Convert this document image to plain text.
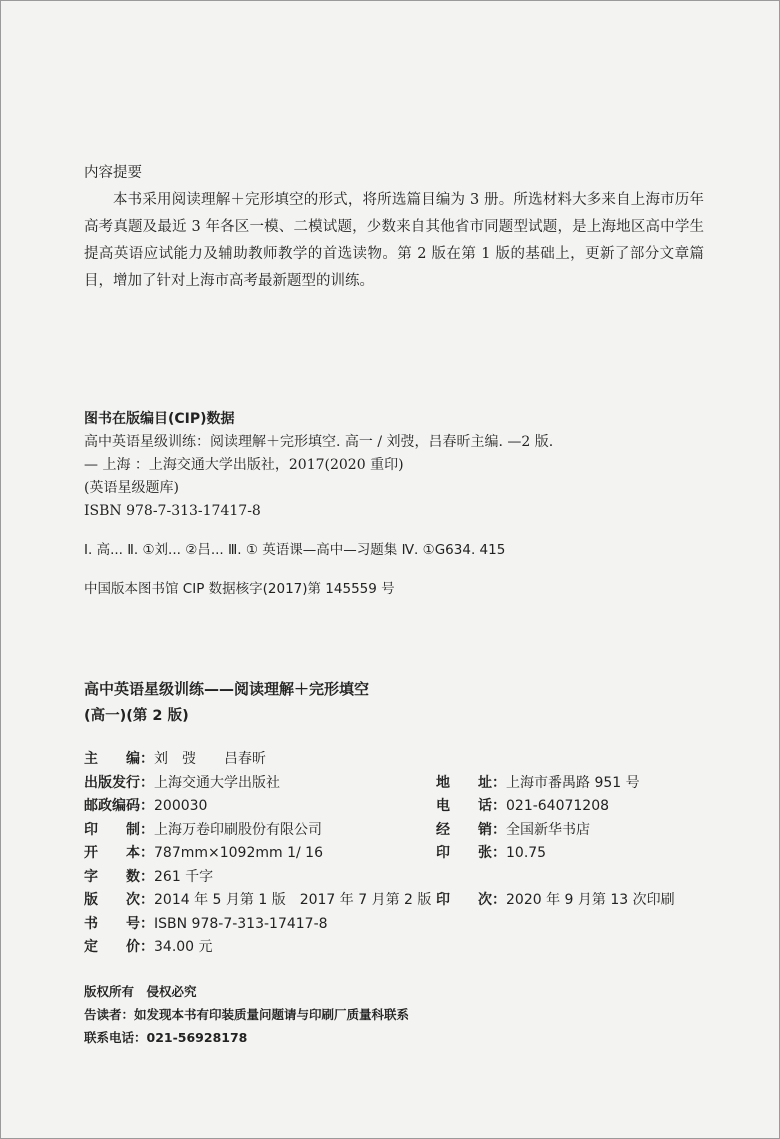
内容提要

本书采用阅读理解＋完形填空的形式，将所选篇目编为 3 册。所选材料大多来自上海市历年高考真题及最近 3 年各区一模、二模试题，少数来自其他省市同题型试题，是上海地区高中学生提高英语应试能力及辅助教师教学的首选读物。第 2 版在第 1 版的基础上，更新了部分文章篇目，增加了针对上海市高考最新题型的训练。

图书在版编目(CIP)数据
高中英语星级训练：阅读理解＋完形填空. 高一 / 刘弢，吕春昕主编. —2 版.
— 上海 ：上海交通大学出版社，2017(2020 重印)
(英语星级题库)
ISBN 978-7-313-17417-8
Ⅰ. 高... Ⅱ. ①刘... ②吕... Ⅲ. ① 英语课—高中—习题集 Ⅳ. ①G634. 415
中国版本图书馆 CIP 数据核字(2017)第 145559 号
高中英语星级训练——阅读理解＋完形填空
(高一)(第 2 版)
主　　编：刘　弢　　吕春昕
出版发行：上海交通大学出版社	地　　址：上海市番禺路 951 号
邮政编码：200030	电　　话：021-64071208
印　　制：上海万卷印刷股份有限公司	经　　销：全国新华书店
开　　本：787mm×1092mm 1/ 16	印　　张：10.75
字　　数：261 千字
版　　次：2014 年 5 月第 1 版　2017 年 7 月第 2 版 印　　次：2020 年 9 月第 13 次印刷
书　　号：ISBN 978-7-313-17417-8
定　　价：34.00 元
版权所有　侵权必究
告读者：如发现本书有印装质量问题请与印刷厂质量科联系
联系电话：021-56928178
